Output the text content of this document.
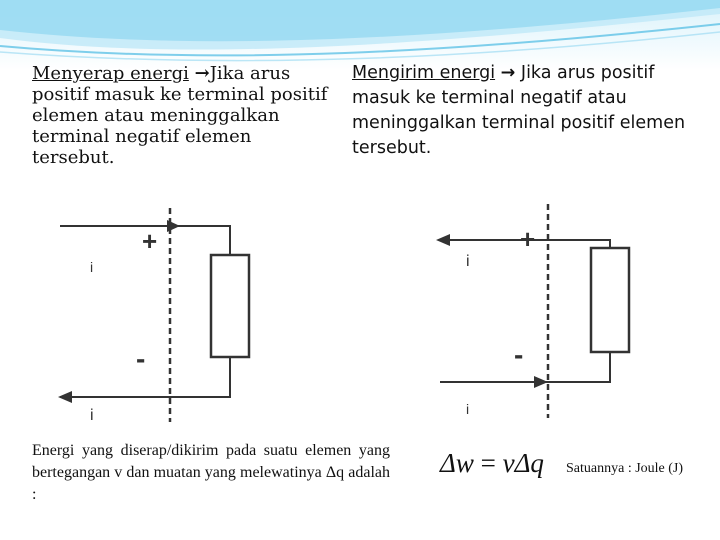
Menyerap energi →Jika arus positif masuk ke terminal positif elemen atau meninggalkan terminal negatif elemen tersebut.
Mengirim energi → Jika arus positif masuk ke terminal negatif atau meninggalkan terminal positif elemen tersebut.
+
-
i
i
+
-
i
i
Energi yang diserap/dikirim pada suatu elemen yang bertegangan v dan muatan yang melewatinya Δq adalah :
Δw = vΔq Satuannya : Joule (J)
